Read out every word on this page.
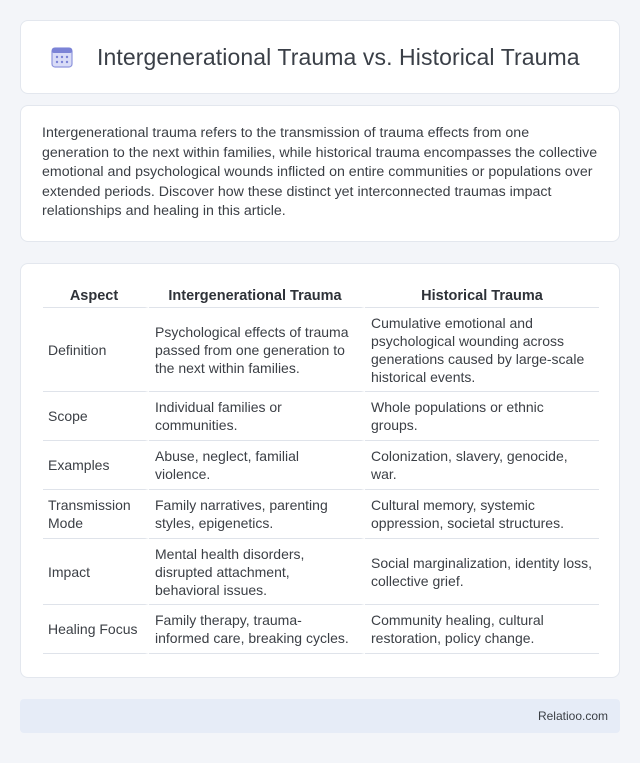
Intergenerational Trauma vs. Historical Trauma

Intergenerational trauma refers to the transmission of trauma effects from one generation to the next within families, while historical trauma encompasses the collective emotional and psychological wounds inflicted on entire communities or populations over extended periods. Discover how these distinct yet interconnected traumas impact relationships and healing in this article.

Aspect	Intergenerational Trauma	Historical Trauma
Definition	Psychological effects of trauma passed from one generation to the next within families.	Cumulative emotional and psychological wounding across generations caused by large-scale historical events.
Scope	Individual families or communities.	Whole populations or ethnic groups.
Examples	Abuse, neglect, familial violence.	Colonization, slavery, genocide, war.
Transmission Mode	Family narratives, parenting styles, epigenetics.	Cultural memory, systemic oppression, societal structures.
Impact	Mental health disorders, disrupted attachment, behavioral issues.	Social marginalization, identity loss, collective grief.
Healing Focus	Family therapy, trauma-informed care, breaking cycles.	Community healing, cultural restoration, policy change.
Relatioo.com
